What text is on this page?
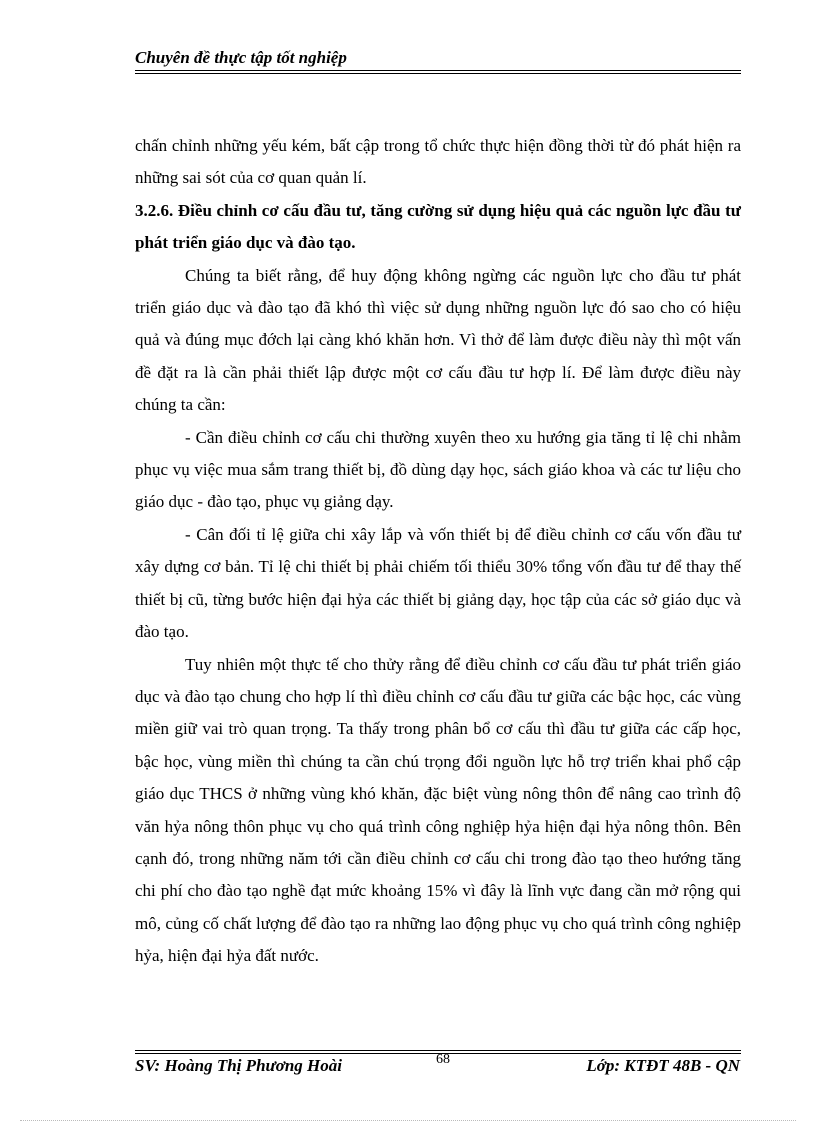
Chuyên đề thực tập tốt nghiệp

chấn chỉnh những yếu kém, bất cập trong tổ chức thực hiện đồng thời từ đó phát hiện ra những sai sót của cơ quan quản lí.

3.2.6. Điều chỉnh cơ cấu đầu tư, tăng cường sử dụng hiệu quả các nguồn lực đầu tư phát triển giáo dục và đào tạo.

Chúng ta biết rằng, để huy động không ngừng các nguồn lực cho đầu tư phát triển giáo dục và đào tạo đã khó thì việc sử dụng những nguồn lực đó sao cho có hiệu quả và đúng mục đớch lại càng khó khăn hơn. Vì thở để làm được điều này thì một vấn đề đặt ra là cần phải thiết lập được một cơ cấu đầu tư hợp lí. Để làm được điều này chúng ta cần:

- Cần điều chỉnh cơ cấu chi thường xuyên theo xu hướng gia tăng tỉ lệ chi nhằm phục vụ việc mua sắm trang thiết bị, đồ dùng dạy học, sách giáo khoa và các tư liệu cho giáo dục - đào tạo, phục vụ giảng dạy.

- Cân đối tỉ lệ giữa chi xây lắp và vốn thiết bị để điều chỉnh cơ cấu vốn đầu tư xây dựng cơ bản. Tỉ lệ chi thiết bị phải chiếm tối thiểu 30% tổng vốn đầu tư để thay thế thiết bị cũ, từng bước hiện đại hỷa các thiết bị giảng dạy, học tập của các sở giáo dục và đào tạo.

Tuy nhiên một thực tế cho thửy rằng để điều chỉnh cơ cấu đầu tư phát triển giáo dục và đào tạo chung cho hợp lí thì điều chỉnh cơ cấu đầu tư giữa các bậc học, các vùng miền giữ vai trò quan trọng. Ta thấy trong phân bổ cơ cấu thì đầu tư giữa các cấp học, bậc học, vùng miền thì chúng ta cần chú trọng đổi nguồn lực hỗ trợ triển khai phổ cập giáo dục THCS ở những vùng khó khăn, đặc biệt vùng nông thôn để nâng cao trình độ văn hỷa nông thôn phục vụ cho quá trình công nghiệp hỷa hiện đại hỷa nông thôn. Bên cạnh đó, trong những năm tới cần điều chỉnh cơ cấu chi trong đào tạo theo hướng tăng chi phí cho đào tạo nghề đạt mức khoảng 15% vì đây là lĩnh vực đang cần mở rộng qui mô, củng cố chất lượng để đào tạo ra những lao động phục vụ cho quá trình công nghiệp hỷa, hiện đại hỷa đất nước.

SV: Hoàng Thị Phương Hoài	68	Lớp: KTĐT 48B - QN
